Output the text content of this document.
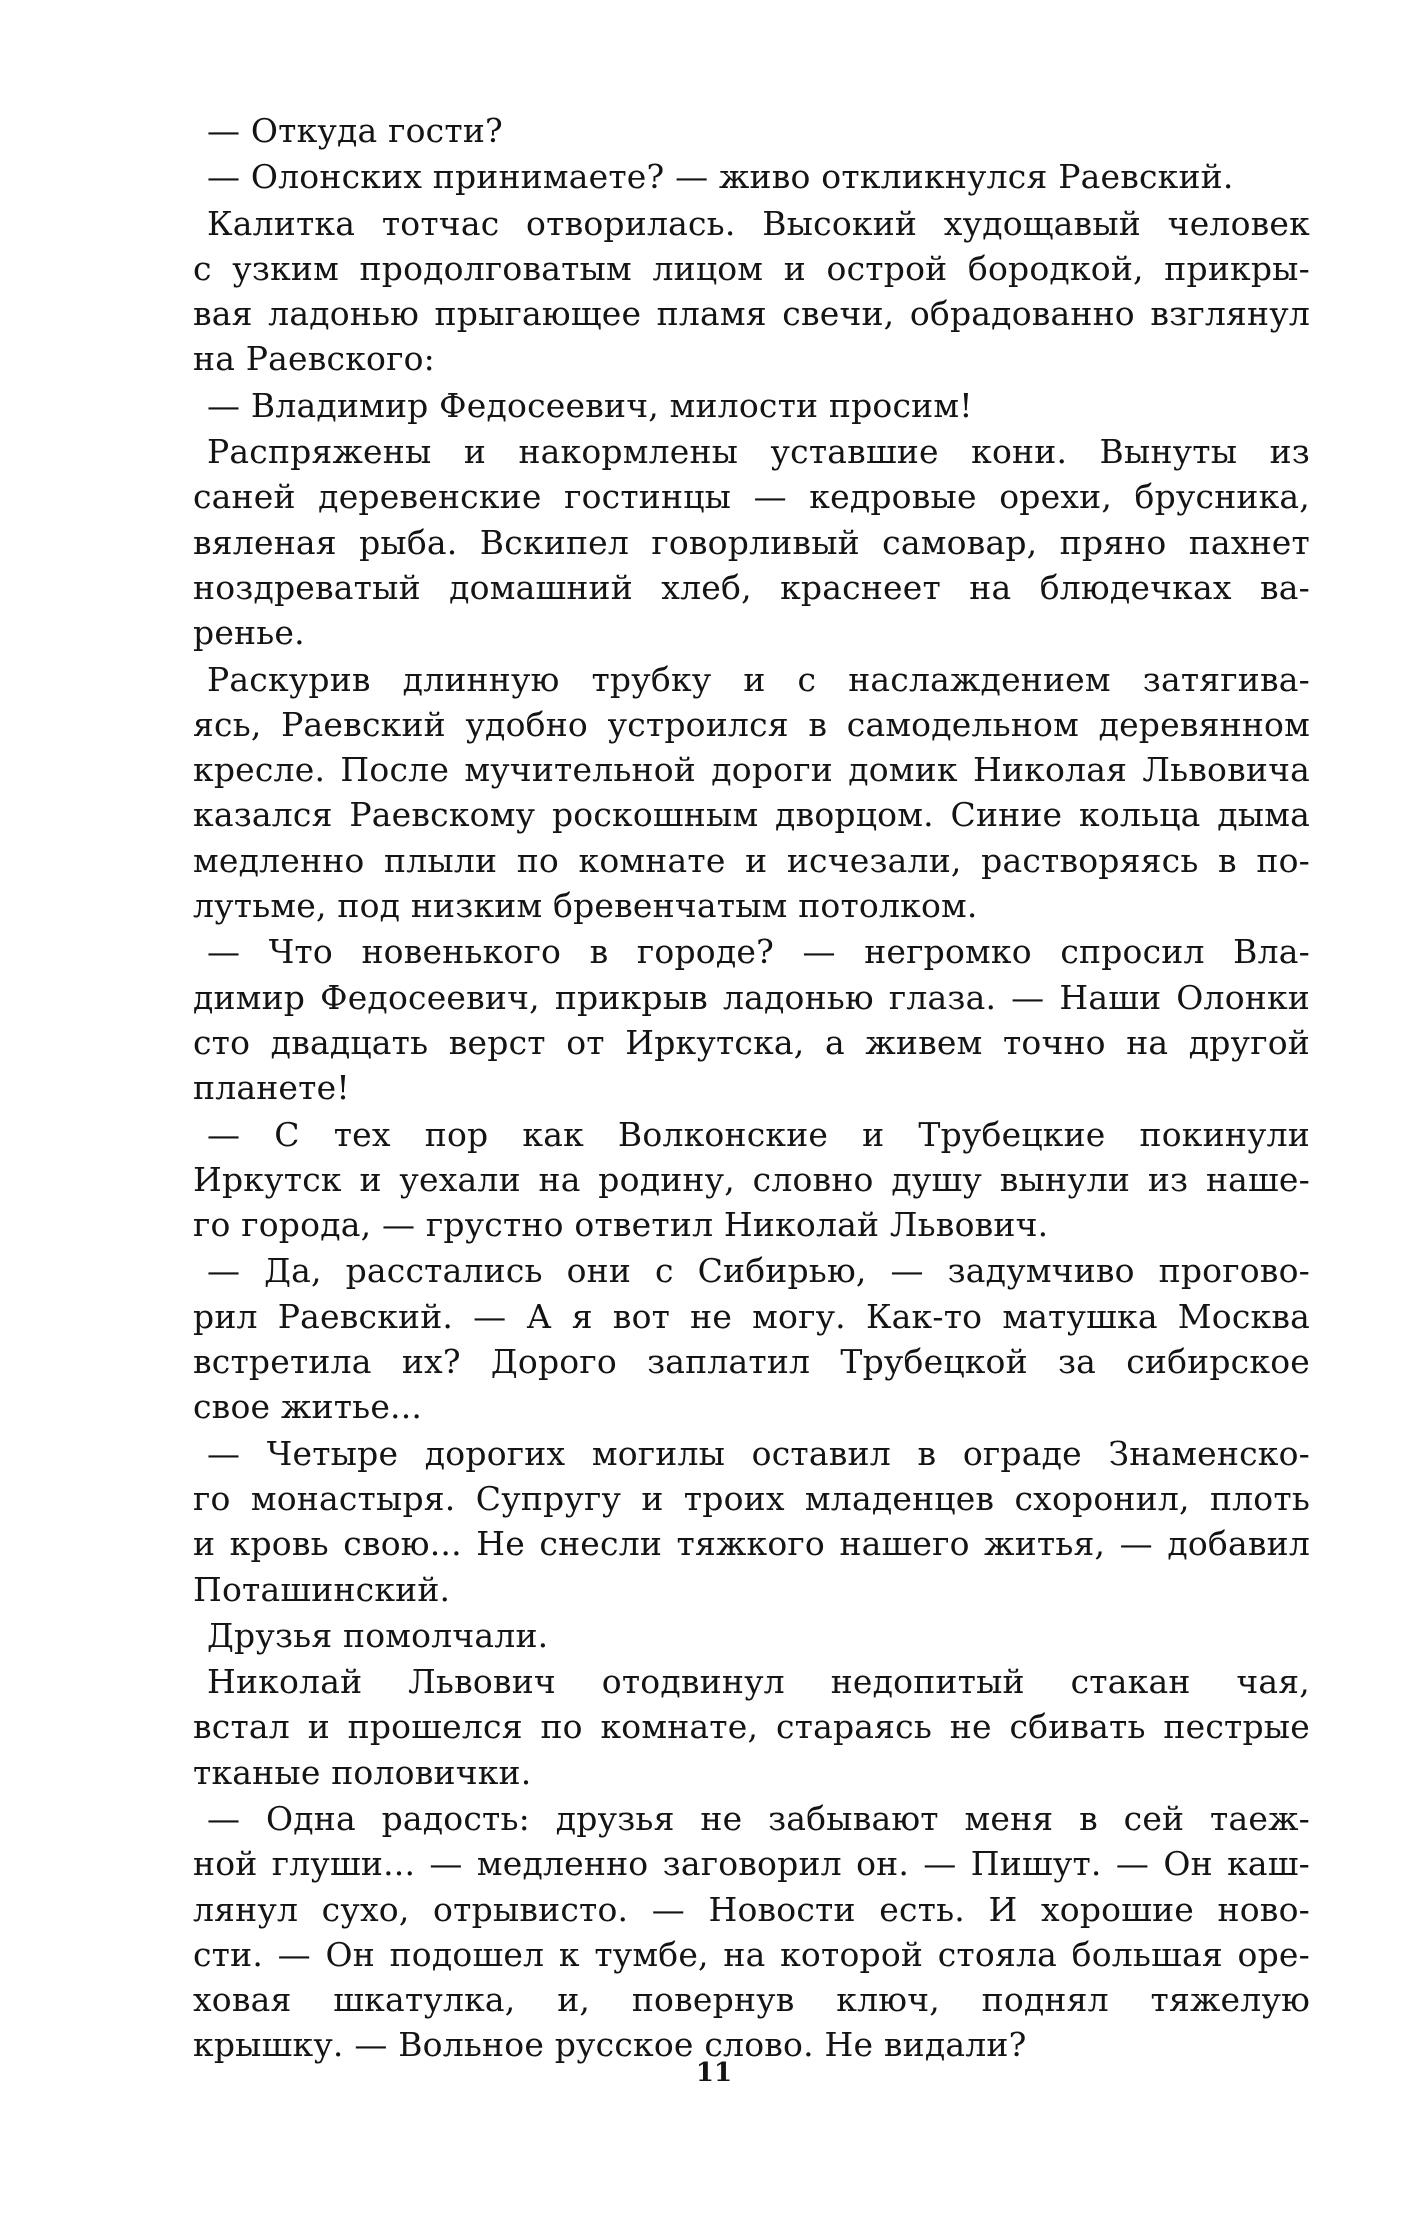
— Откуда гости?
— Олонских принимаете? — живо откликнулся Раевский.
Калитка тотчас отворилась. Высокий худощавый человек
с узким продолговатым лицом и острой бородкой, прикры-
вая ладонью прыгающее пламя свечи, обрадованно взглянул
на Раевского:
— Владимир Федосеевич, милости просим!
Распряжены и накормлены уставшие кони. Вынуты из
саней деревенские гостинцы — кедровые орехи, брусника,
вяленая рыба. Вскипел говорливый самовар, пряно пахнет
ноздреватый домашний хлеб, краснеет на блюдечках ва-
ренье.
Раскурив длинную трубку и с наслаждением затягива-
ясь, Раевский удобно устроился в самодельном деревянном
кресле. После мучительной дороги домик Николая Львовича
казался Раевскому роскошным дворцом. Синие кольца дыма
медленно плыли по комнате и исчезали, растворяясь в по-
лутьме, под низким бревенчатым потолком.
— Что новенького в городе? — негромко спросил Вла-
димир Федосеевич, прикрыв ладонью глаза. — Наши Олонки
сто двадцать верст от Иркутска, а живем точно на другой
планете!
— С тех пор как Волконские и Трубецкие покинули
Иркутск и уехали на родину, словно душу вынули из наше-
го города, — грустно ответил Николай Львович.
— Да, расстались они с Сибирью, — задумчиво прогово-
рил Раевский. — А я вот не могу. Как-то матушка Москва
встретила их? Дорого заплатил Трубецкой за сибирское
свое житье...
— Четыре дорогих могилы оставил в ограде Знаменско-
го монастыря. Супругу и троих младенцев схоронил, плоть
и кровь свою... Не снесли тяжкого нашего житья, — добавил
Поташинский.
Друзья помолчали.
Николай Львович отодвинул недопитый стакан чая,
встал и прошелся по комнате, стараясь не сбивать пестрые
тканые половички.
— Одна радость: друзья не забывают меня в сей таеж-
ной глуши... — медленно заговорил он. — Пишут. — Он каш-
лянул сухо, отрывисто. — Новости есть. И хорошие ново-
сти. — Он подошел к тумбе, на которой стояла большая оре-
ховая шкатулка, и, повернув ключ, поднял тяжелую
крышку. — Вольное русское слово. Не видали?
11
